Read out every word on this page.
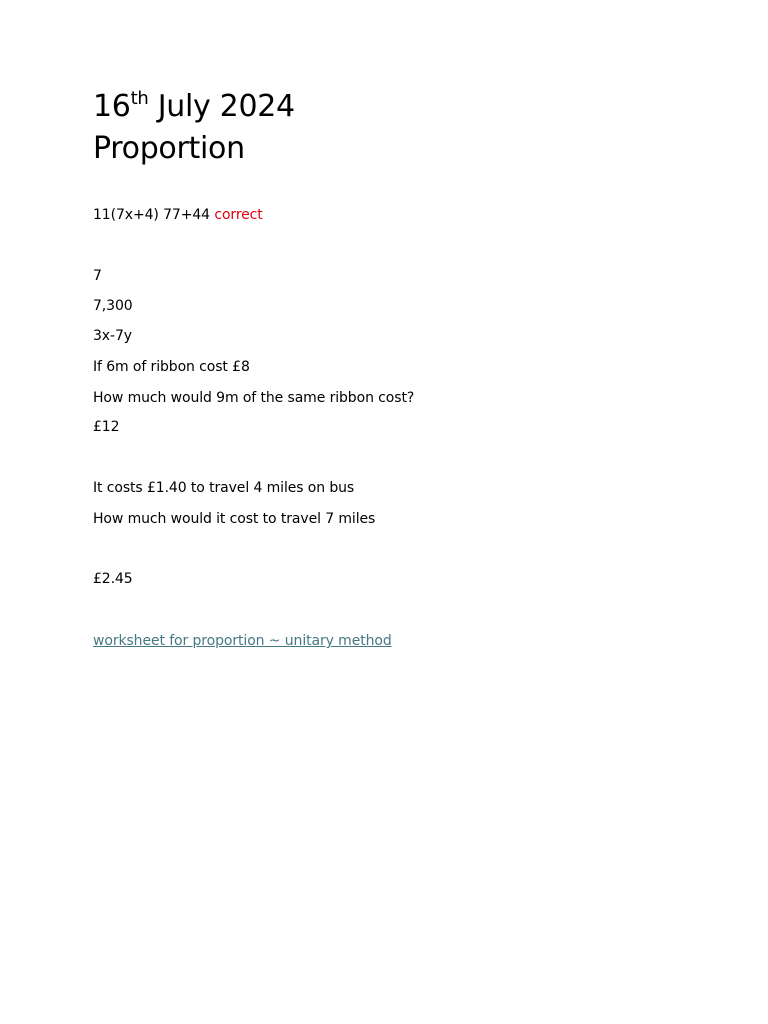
16th July 2024
Proportion
11(7x+4) 77+44 correct
7
7,300
3x-7y
If 6m of ribbon cost £8
How much would 9m of the same ribbon cost?
£12
It costs £1.40 to travel 4 miles on bus
How much would it cost to travel 7 miles
£2.45
worksheet for proportion ~ unitary method
